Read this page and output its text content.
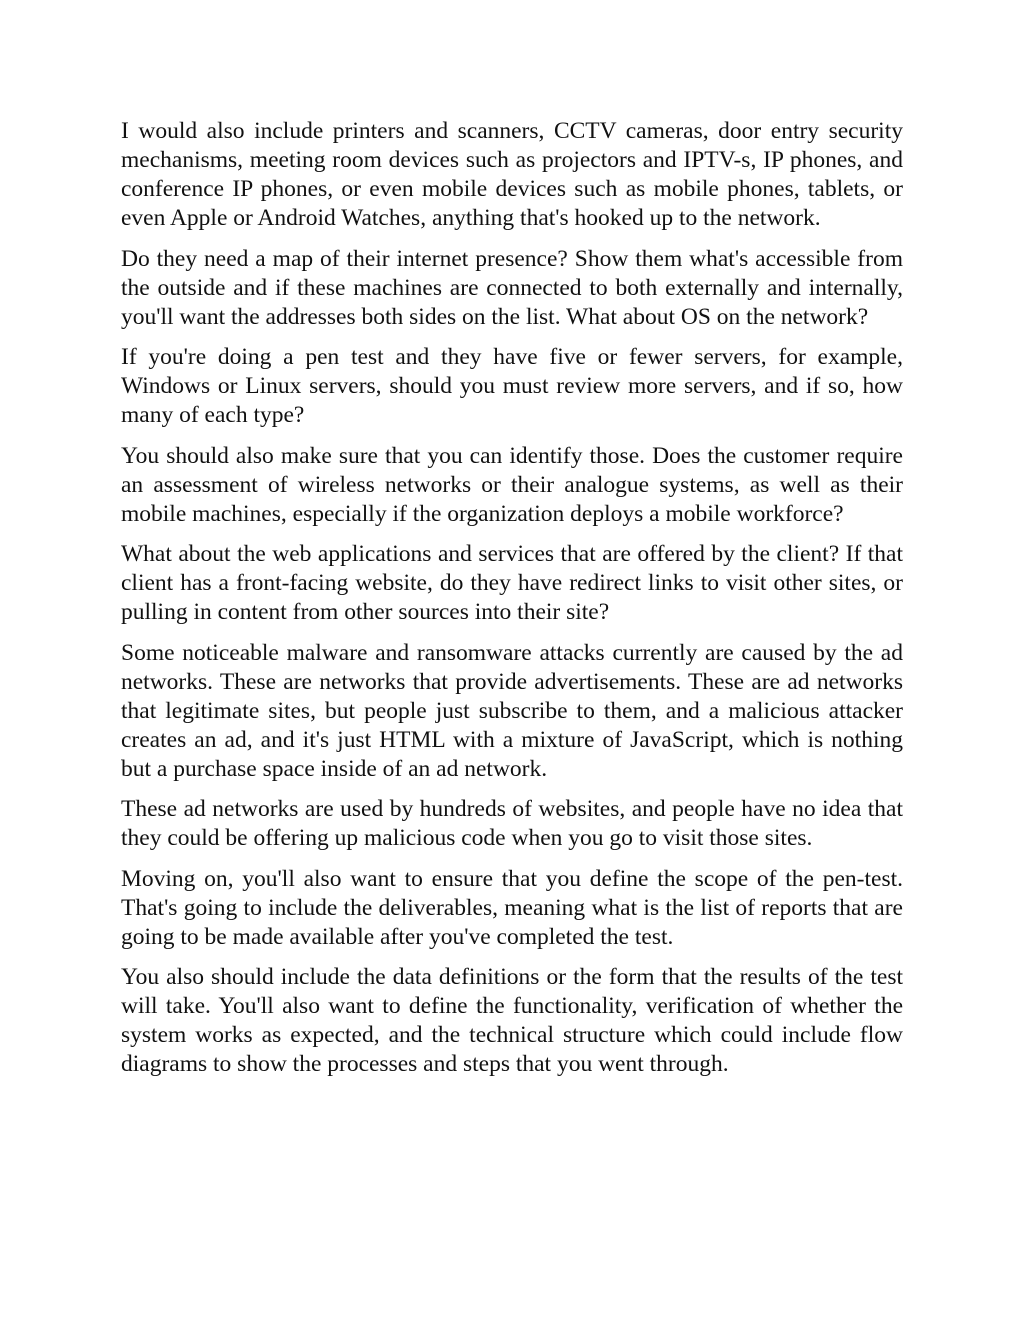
I would also include printers and scanners, CCTV cameras, door entry security mechanisms, meeting room devices such as projectors and IPTV-s, IP phones, and conference IP phones, or even mobile devices such as mobile phones, tablets, or even Apple or Android Watches, anything that's hooked up to the network.

Do they need a map of their internet presence? Show them what's accessible from the outside and if these machines are connected to both externally and internally, you'll want the addresses both sides on the list. What about OS on the network?

If you're doing a pen test and they have five or fewer servers, for example, Windows or Linux servers, should you must review more servers, and if so, how many of each type?

You should also make sure that you can identify those. Does the customer require an assessment of wireless networks or their analogue systems, as well as their mobile machines, especially if the organization deploys a mobile workforce?

What about the web applications and services that are offered by the client? If that client has a front-facing website, do they have redirect links to visit other sites, or pulling in content from other sources into their site?

Some noticeable malware and ransomware attacks currently are caused by the ad networks. These are networks that provide advertisements. These are ad networks that legitimate sites, but people just subscribe to them, and a malicious attacker creates an ad, and it's just HTML with a mixture of JavaScript, which is nothing but a purchase space inside of an ad network.

These ad networks are used by hundreds of websites, and people have no idea that they could be offering up malicious code when you go to visit those sites.

Moving on, you'll also want to ensure that you define the scope of the pen-test. That's going to include the deliverables, meaning what is the list of reports that are going to be made available after you've completed the test.

You also should include the data definitions or the form that the results of the test will take. You'll also want to define the functionality, verification of whether the system works as expected, and the technical structure which could include flow diagrams to show the processes and steps that you went through.
